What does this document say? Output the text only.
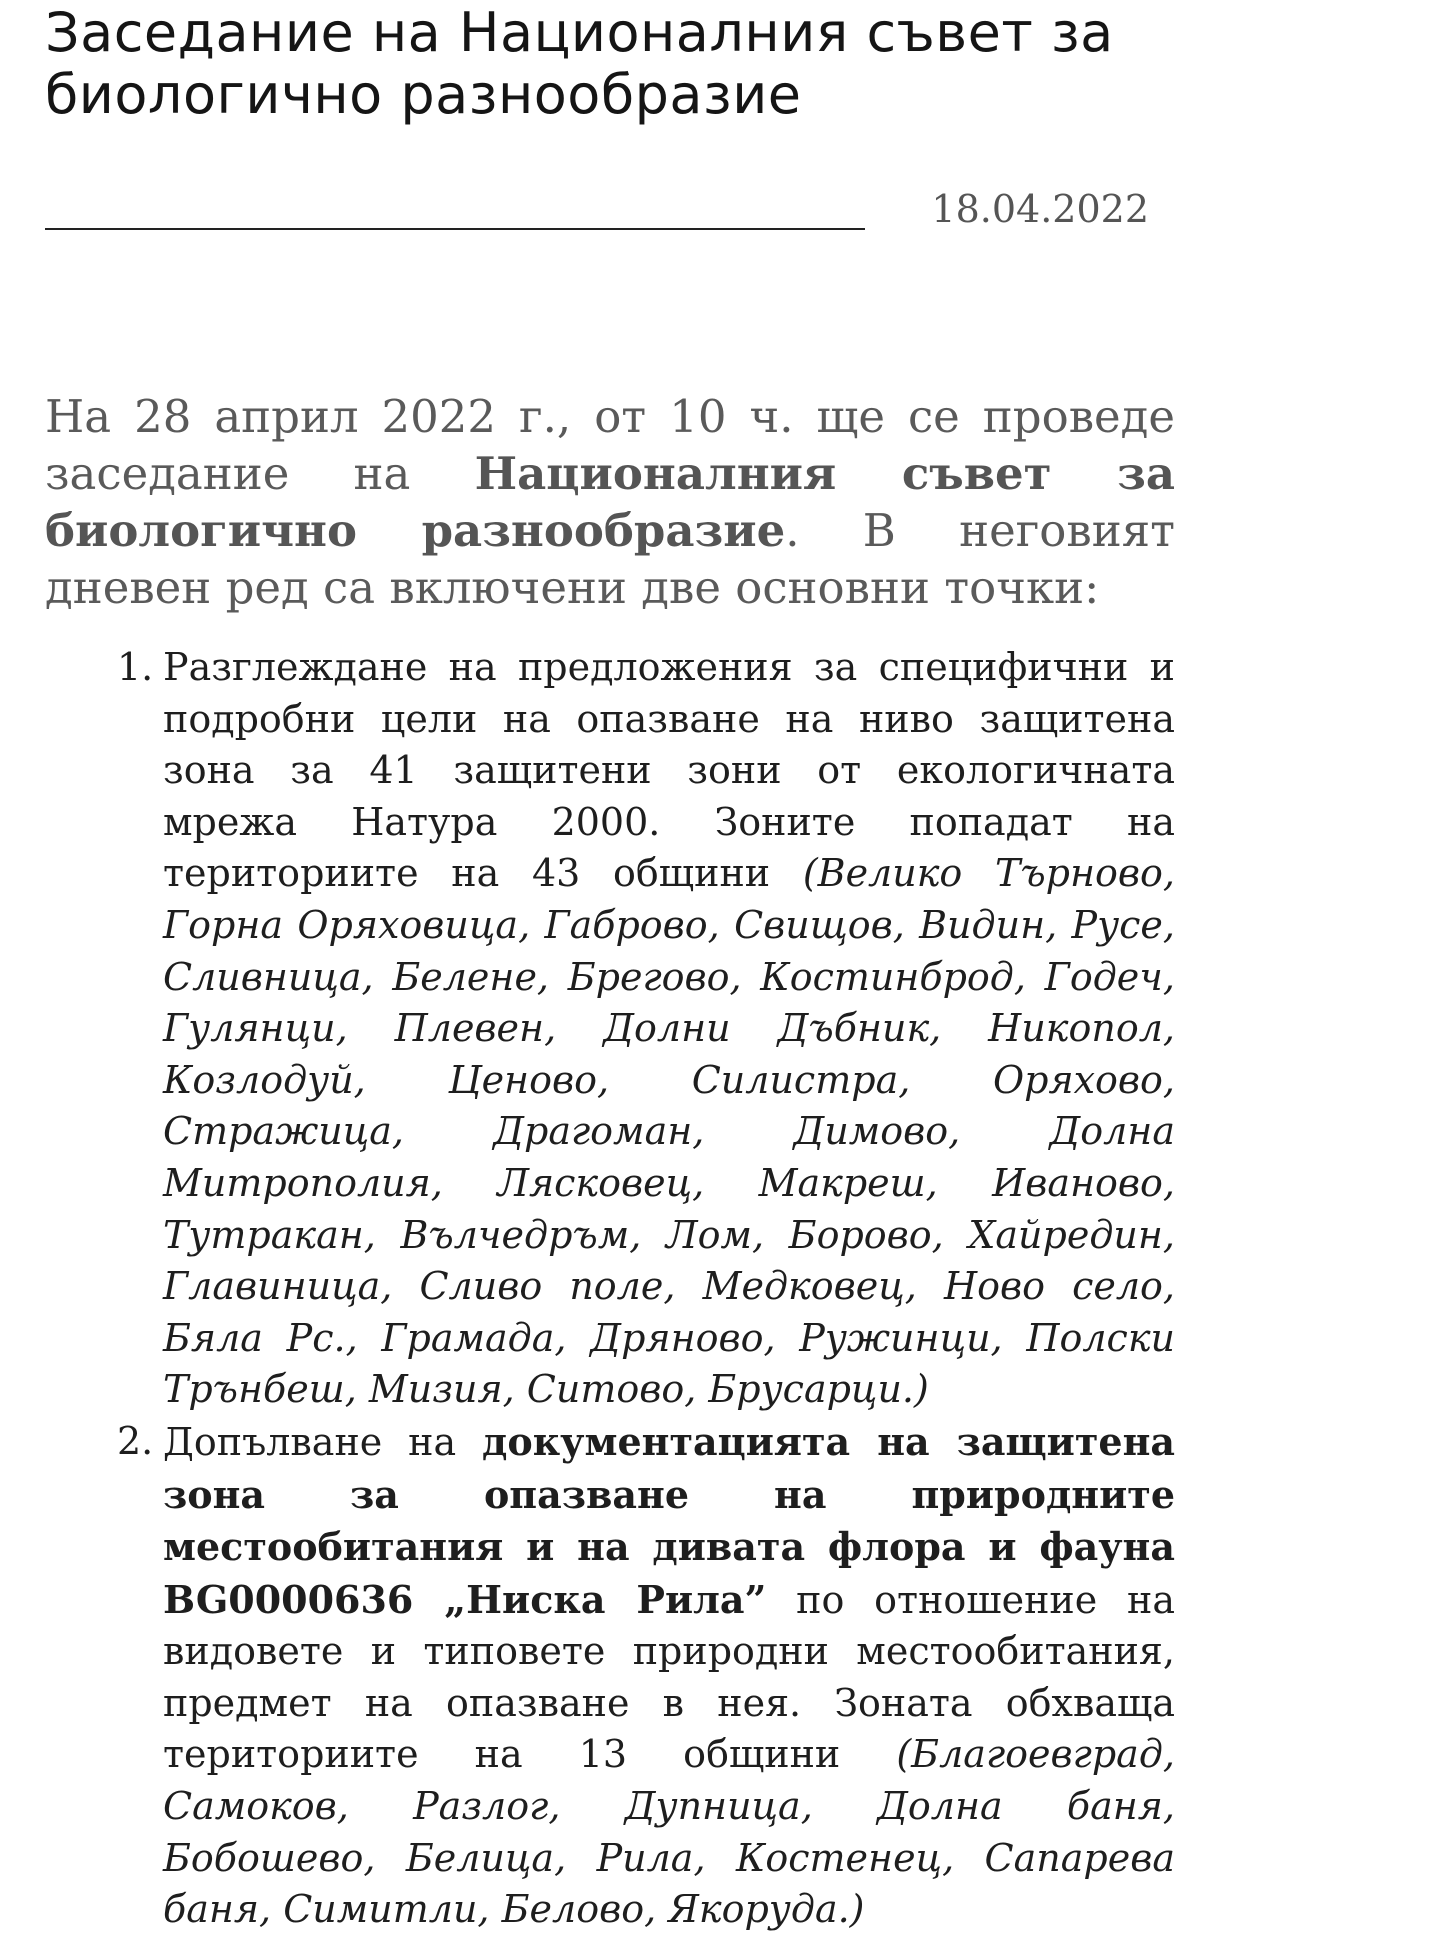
Заседание на Националния съвет за
биологично разнообразие
18.04.2022

На 28 април 2022 г., от 10 ч. ще се проведе заседание на Националния съвет за биологично разнообразие. В неговият дневен ред са включени две основни точки:

1. Разглеждане на предложения за специфични и подробни цели на опазване на ниво защитена зона за 41 защитени зони от екологичната мрежа Натура 2000. Зоните попадат на териториите на 43 общини (Велико Търново, Горна Оряховица, Габрово, Свищов, Видин, Русе, Сливница, Белене, Брегово, Костинброд, Годеч, Гулянци, Плевен, Долни Дъбник, Никопол, Козлодуй, Ценово, Силистра, Оряхово, Стражица, Драгоман, Димово, Долна Митрополия, Лясковец, Макреш, Иваново, Тутракан, Вълчедръм, Лом, Борово, Хайредин, Главиница, Сливо поле, Медковец, Ново село, Бяла Рс., Грамада, Дряново, Ружинци, Полски Трънбеш, Мизия, Ситово, Брусарци.)
2. Допълване на документацията на защитена зона за опазване на природните местообитания и на дивата флора и фауна BG0000636 „Ниска Рила” по отношение на видовете и типовете природни местообитания, предмет на опазване в нея. Зоната обхваща териториите на 13 общини (Благоевград, Самоков, Разлог, Дупница, Долна баня, Бобошево, Белица, Рила, Костенец, Сапарева баня, Симитли, Белово, Якоруда.)
